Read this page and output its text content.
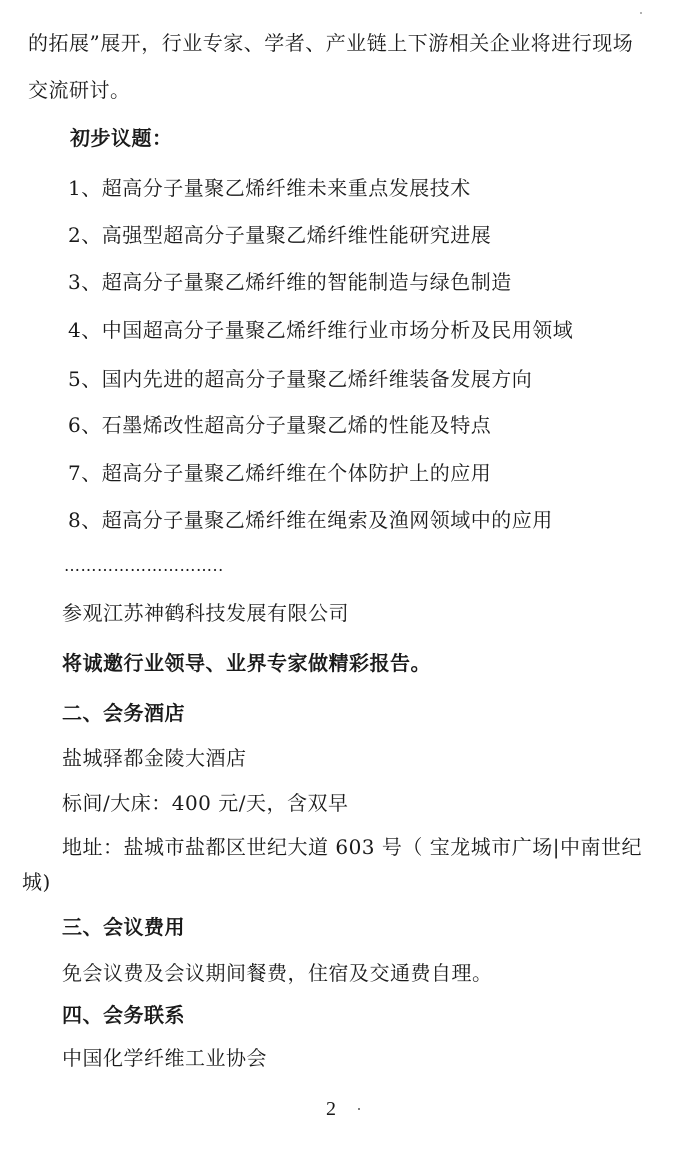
的拓展”展开，行业专家、学者、产业链上下游相关企业将进行现场
交流研讨。
初步议题：
1、超高分子量聚乙烯纤维未来重点发展技术
2、高强型超高分子量聚乙烯纤维性能研究进展
3、超高分子量聚乙烯纤维的智能制造与绿色制造
4、中国超高分子量聚乙烯纤维行业市场分析及民用领域
5、国内先进的超高分子量聚乙烯纤维装备发展方向
6、石墨烯改性超高分子量聚乙烯的性能及特点
7、超高分子量聚乙烯纤维在个体防护上的应用
8、超高分子量聚乙烯纤维在绳索及渔网领域中的应用
………………………..
参观江苏神鹤科技发展有限公司
将诚邀行业领导、业界专家做精彩报告。
二、会务酒店
盐城驿都金陵大酒店
标间/大床：400 元/天，含双早
地址：盐城市盐都区世纪大道 603 号（ 宝龙城市广场|中南世纪
城)
三、会议费用
免会议费及会议期间餐费，住宿及交通费自理。
四、会务联系
中国化学纤维工业协会
2
